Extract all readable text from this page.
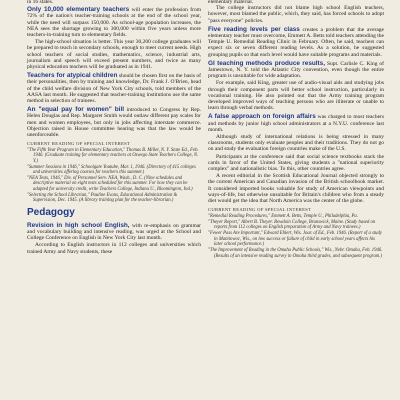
in 16 states.

Only 10,000 elementary teachers will enter the profession from 72% of the nation's teacher-training schools at the end of the school year, while the need will surpass 150,000. As school-age population increases, the NEA sees the shortage growing to 300,000 within five years unless more teachers-in-training turn to elementary fields.

The high-school situation is better. This year 30,200 college graduates will be prepared to teach in secondary schools, enough to meet current needs. High school teachers of social studies, mathematics, science, industrial arts, journalism and speech will exceed present numbers, and twice as many physical education teachers will be graduated as in 1941.

Teachers for atypical children should be chosen first on the basis of their personalities, then by training and knowledge, Dr. Frank J. O'Brien, head of the child welfare division of New York City schools, told members of the AASA last month. He suggested that teacher-training institutions use the same method in selection of trainees.

An "equal pay for women" bill introduced to Congress by Rep. Helen Douglas and Rep. Margaret Smith would outlaw different pay scales for men and women employees, but only in jobs affecting interstate commerce. Objection raised in House committee hearing was that the law would be unenforceable.

CURRENT READING OF SPECIAL INTEREST

"The Fifth Year Program in Elementary Education," Thomas B. Miller, N. Y. State Ed., Feb. 1946. (Graduate training for elementary teachers at Oswego State Teachers College, N. Y.)

"Summer Sessions in 1946," Schoolgate Youtube, Mar. 1, 1946. (Directory of 415 colleges and universities offering courses for teachers this summer.)

"NEA Tests, 1946," Div. of Personnel Serv. NEA, Wash., D. C. (Nine schedules and descriptive material on eight tests scheduled for this summer. For how they can be adapted for university credit, write Teachers College, Indiana U., Bloomington, Ind.)

"Selecting the School Librarian," Pauline Evans, Educational Administration & Supervision, Dec. 1945. (A library training plan for the teacher-librarian.)

Pedagogy

Revision in high school English, with re-emphasis on grammar and vocabulary building and intensive reading, was urged at the School and College Conference on English in New York City last month.

According to English instructors in 112 colleges and universities which trained Army and Navy students, these

elementary material.

The college instructors did not blame high school English teachers, however, most blamed the public, which, they said, has forced schools to adopt "pass everyone" policies.

Five reading levels per class creates a problem that the average elementary teacher must overcome, Emmett A. Betts told teachers attending the Temple U. Remedial Reading Clinic in February. Often, he said, teachers can expect six or seven different reading levels. As a solution, he suggested grouping pupils so that each level would have suitable programs and materials.

GI teaching methods produce results, Supt. Carlisle C. King of Jamestown, N. Y. told the Atlantic City convention, even though the entire program is unsuitable for wide adaptation.

For example, said King, greater use of audio-visual aids and studying jobs through their component parts will better school instruction, particularly in vocational training. He also pointed out that the Army training program developed improved ways of teaching persons who are illiterate or unable to learn through verbal methods.

A false approach on foreign affairs was charged to most teachers and methods by junior high school administrators at a N.Y.U. conference last month.

Although study of international relations is being stressed in many classrooms, students only evaluate peoples and their traditions. They do not go on and study the evaluation foreign countries make of the U.S.

Participants at the conference said that social science textbooks stack the cards in favor of the United States, giving students a "national superiority complex" and nationalistic bias. To this, other countries agree.

A recent editorial in the Scottish Educational Journal objected strongly to the current American and Canadian invasion of the British schoolbook market. It considered imported books valuable for study of American viewpoints and ways-of-life, but otherwise unsuitable for Britain's children who from a steady diet would get the idea that North America was the center of the globe.

CURRENT READING OF SPECIAL INTEREST

"Remedial Reading Procedures," Emmett A. Betts, Temple U., Philadelphia, Pa.

"Theyer Report," Albert B. Theyer. Bowdoin College, Brunswick, Maine. (Study based on reports from 112 colleges on English preparation of Army and Navy trainees.)

"Fewer Pass Are Important," Edward Ehlert, Wis. Jour. of Ed., Feb. 1946. (Report of a study in Manitowoc, Wis., on low success or failure of child in early school years affects his later school performance.)

"The Improvement of Reading in the Omaha Public Schools," Wis., Nebr. Omaha, Feb. 1946. (Results of an intensive reading survey in Omaha third grades, and subsequent program.)
